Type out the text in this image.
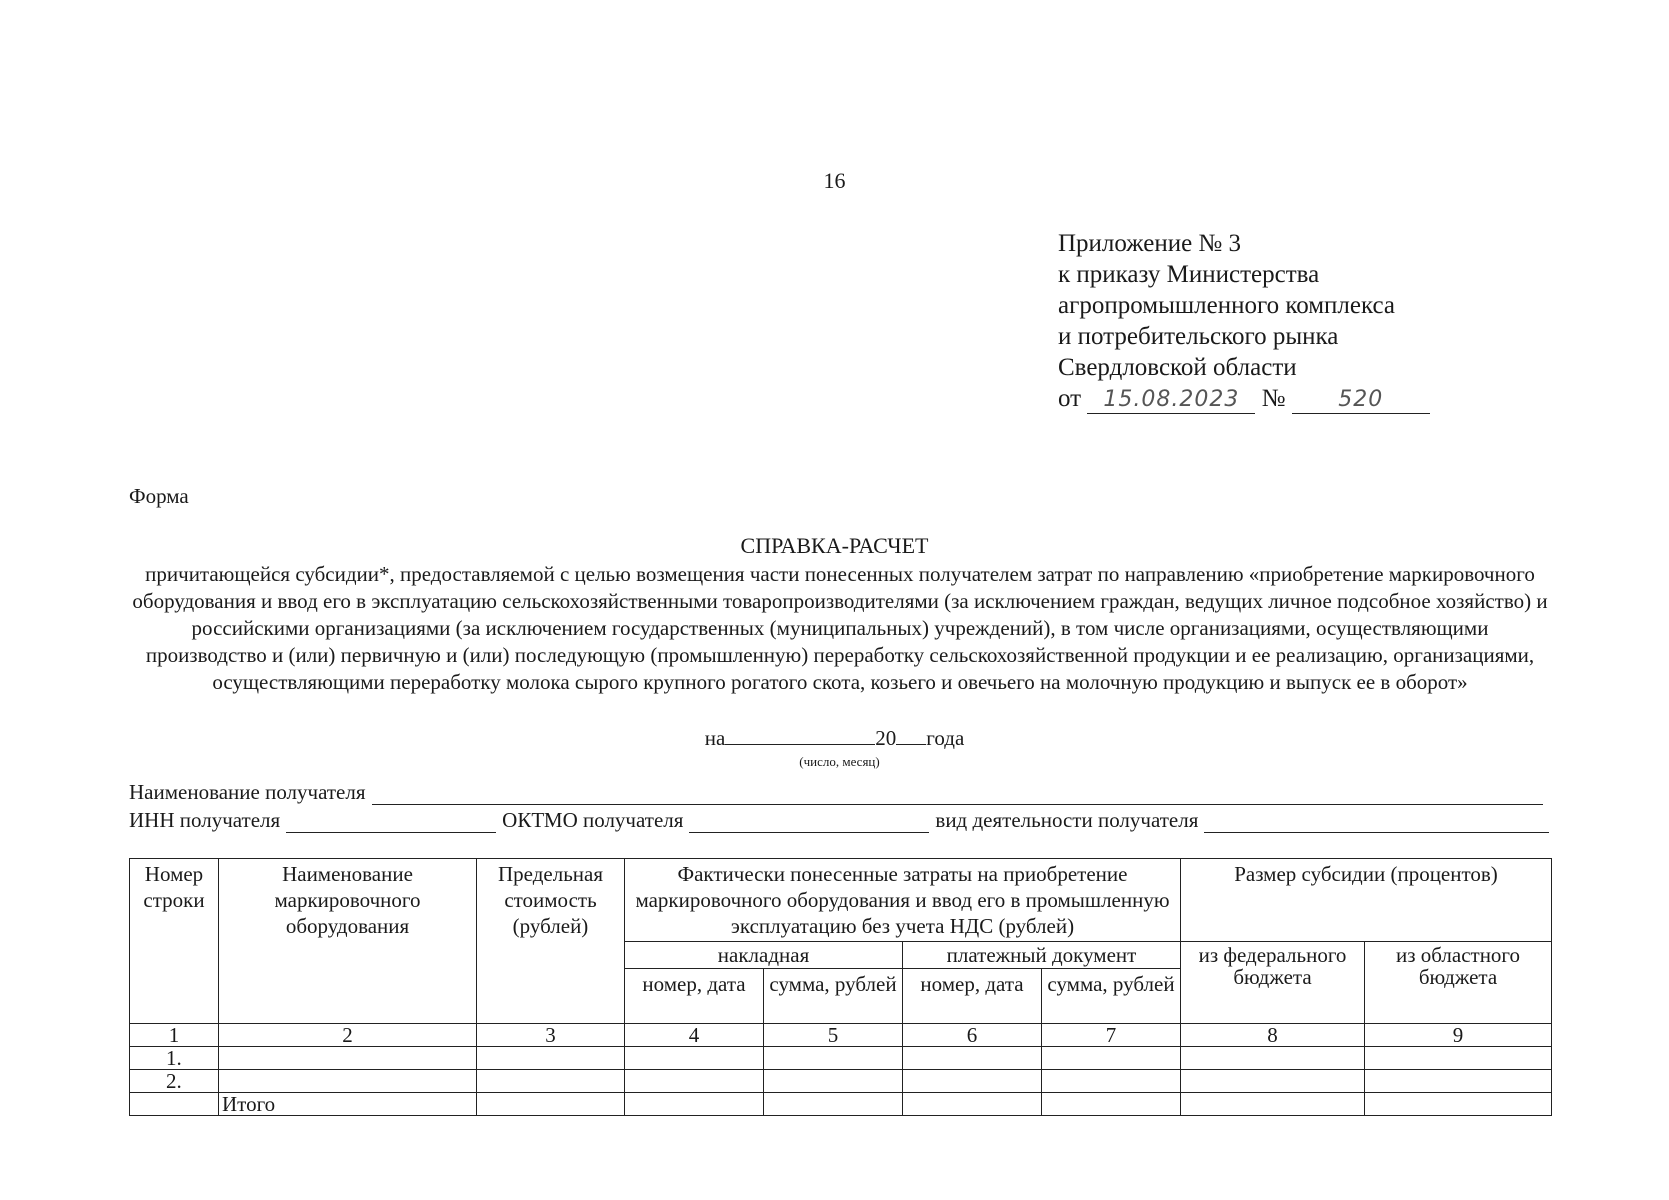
16
Приложение № 3
к приказу Министерства
агропромышленного комплекса
и потребительского рынка
Свердловской области
от 15.08.2023 № 520
Форма
СПРАВКА-РАСЧЕТ
причитающейся субсидии*, предоставляемой с целью возмещения части понесенных получателем затрат по направлению «приобретение маркировочного оборудования и ввод его в эксплуатацию сельскохозяйственными товаропроизводителями (за исключением граждан, ведущих личное подсобное хозяйство) и российскими организациями (за исключением государственных (муниципальных) учреждений), в том числе организациями, осуществляющими производство и (или) первичную и (или) последующую (промышленную) переработку сельскохозяйственной продукции и ее реализацию, организациями, осуществляющими переработку молока сырого крупного рогатого скота, козьего и овечьего на молочную продукцию и выпуск ее в оборот»
на	20 года
(число, месяц)
Наименование получателя
ИНН получателя	ОКТМО получателя	вид деятельности получателя
Номер строки	Наименование маркировочного оборудования	Предельная стоимость (рублей)	Фактически понесенные затраты на приобретение маркировочного оборудования и ввод его в промышленную эксплуатацию без учета НДС (рублей)				Размер субсидии (процентов)	
			накладная		платежный документ		из федерального бюджета	из областного бюджета
			номер, дата	сумма, рублей	номер, дата	сумма, рублей		
1	2	3	4	5	6	7	8	9
1.								
2.								
	Итого							
